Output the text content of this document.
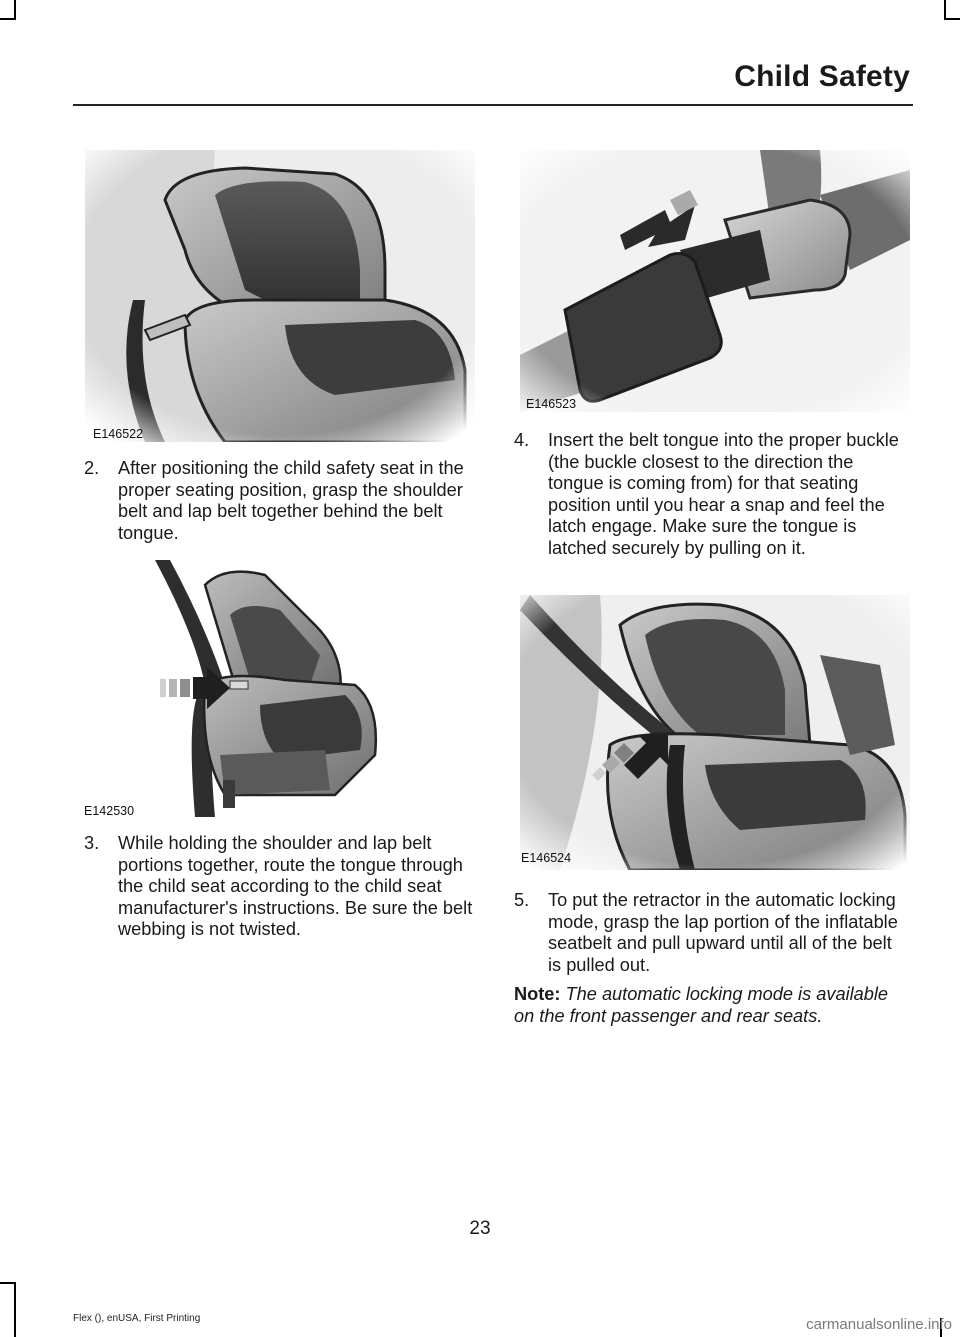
Child Safety
E146522
E146523
2.	After positioning the child safety seat in the proper seating position, grasp the shoulder belt and lap belt together behind the belt tongue.
4.	Insert the belt tongue into the proper buckle (the buckle closest to the direction the tongue is coming from) for that seating position until you hear a snap and feel the latch engage. Make sure the tongue is latched securely by pulling on it.
E142530
E146524
3.	While holding the shoulder and lap belt portions together, route the tongue through the child seat according to the child seat manufacturer's instructions. Be sure the belt webbing is not twisted.
5.	To put the retractor in the automatic locking mode, grasp the lap portion of the inflatable seatbelt and pull upward until all of the belt is pulled out.
Note: The automatic locking mode is available on the front passenger and rear seats.
23
Flex (), enUSA, First Printing	carmanualsonline.info
